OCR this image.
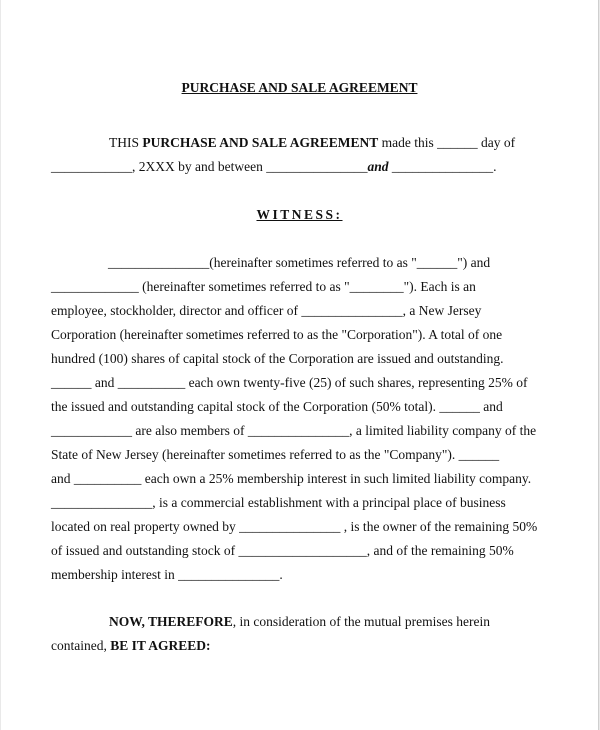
PURCHASE AND SALE AGREEMENT
THIS PURCHASE AND SALE AGREEMENT made this ______ day of
____________, 2XXX by and between _______________and _______________.
WITNESS:
_______________(hereinafter sometimes referred to as "______") and
_____________ (hereinafter sometimes referred to as "________"). Each is an
employee, stockholder, director and officer of _______________, a New Jersey
Corporation (hereinafter sometimes referred to as the "Corporation"). A total of one
hundred (100) shares of capital stock of the Corporation are issued and outstanding.
______ and __________ each own twenty-five (25) of such shares, representing 25% of
the issued and outstanding capital stock of the Corporation (50% total). ______ and
____________ are also members of _______________, a limited liability company of the
State of New Jersey (hereinafter sometimes referred to as the "Company"). ______
and __________ each own a 25% membership interest in such limited liability company.
_______________, is a commercial establishment with a principal place of business
located on real property owned by _______________ , is the owner of the remaining 50%
of issued and outstanding stock of ___________________, and of the remaining 50%
membership interest in _______________.
NOW, THEREFORE, in consideration of the mutual premises herein
contained, BE IT AGREED:
